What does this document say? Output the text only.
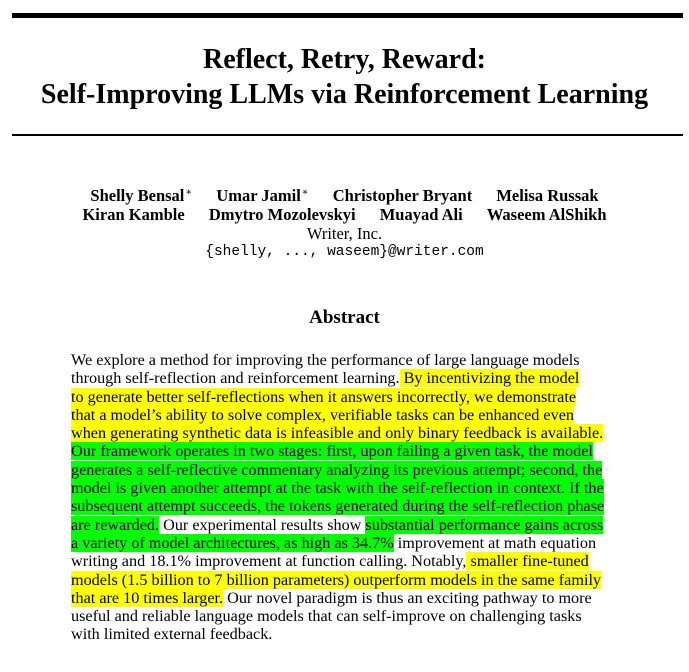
Reflect, Retry, Reward:
Self-Improving LLMs via Reinforcement Learning
Shelly Bensal∗ Umar Jamil∗ Christopher Bryant Melisa Russak
Kiran Kamble Dmytro Mozolevskyi Muayad Ali Waseem AlShikh
Writer, Inc.
{shelly, ..., waseem}@writer.com
Abstract
We explore a method for improving the performance of large language models
through self-reflection and reinforcement learning. By incentivizing the model
to generate better self-reflections when it answers incorrectly, we demonstrate
that a model’s ability to solve complex, verifiable tasks can be enhanced even
when generating synthetic data is infeasible and only binary feedback is available.
Our framework operates in two stages: first, upon failing a given task, the model
generates a self-reflective commentary analyzing its previous attempt; second, the
model is given another attempt at the task with the self-reflection in context. If the
subsequent attempt succeeds, the tokens generated during the self-reflection phase
are rewarded. Our experimental results show substantial performance gains across
a variety of model architectures, as high as 34.7% improvement at math equation
writing and 18.1% improvement at function calling. Notably, smaller fine-tuned
models (1.5 billion to 7 billion parameters) outperform models in the same family
that are 10 times larger. Our novel paradigm is thus an exciting pathway to more
useful and reliable language models that can self-improve on challenging tasks
with limited external feedback.
